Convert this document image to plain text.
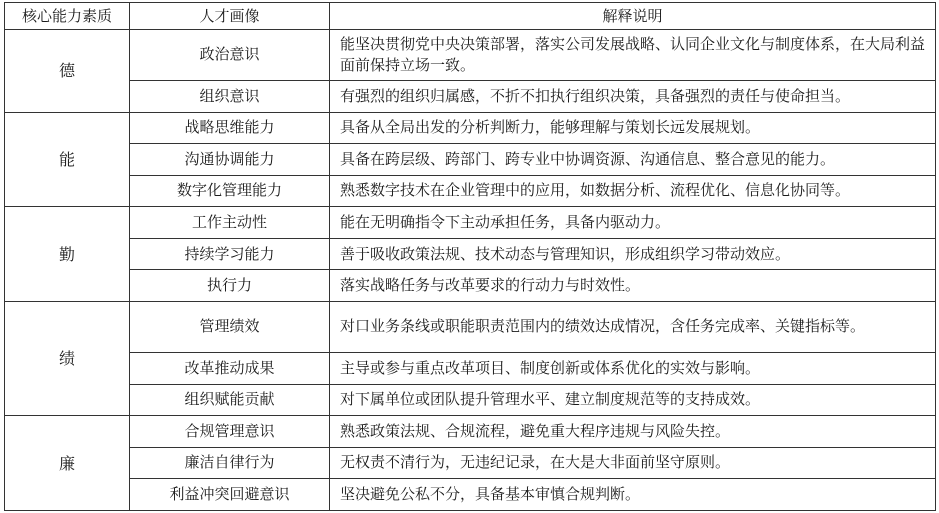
核心能力素质	人才画像	解释说明
德	政治意识	能坚决贯彻党中央决策部署，落实公司发展战略、认同企业文化与制度体系，在大局利益面前保持立场一致。
	组织意识	有强烈的组织归属感，不折不扣执行组织决策，具备强烈的责任与使命担当。
能	战略思维能力	具备从全局出发的分析判断力，能够理解与策划长远发展规划。
	沟通协调能力	具备在跨层级、跨部门、跨专业中协调资源、沟通信息、整合意见的能力。
	数字化管理能力	熟悉数字技术在企业管理中的应用，如数据分析、流程优化、信息化协同等。
勤	工作主动性	能在无明确指令下主动承担任务，具备内驱动力。
	持续学习能力	善于吸收政策法规、技术动态与管理知识，形成组织学习带动效应。
	执行力	落实战略任务与改革要求的行动力与时效性。
绩	管理绩效	对口业务条线或职能职责范围内的绩效达成情况，含任务完成率、关键指标等。
	改革推动成果	主导或参与重点改革项目、制度创新或体系优化的实效与影响。
	组织赋能贡献	对下属单位或团队提升管理水平、建立制度规范等的支持成效。
廉	合规管理意识	熟悉政策法规、合规流程，避免重大程序违规与风险失控。
	廉洁自律行为	无权责不清行为，无违纪记录，在大是大非面前坚守原则。
	利益冲突回避意识	坚决避免公私不分，具备基本审慎合规判断。
